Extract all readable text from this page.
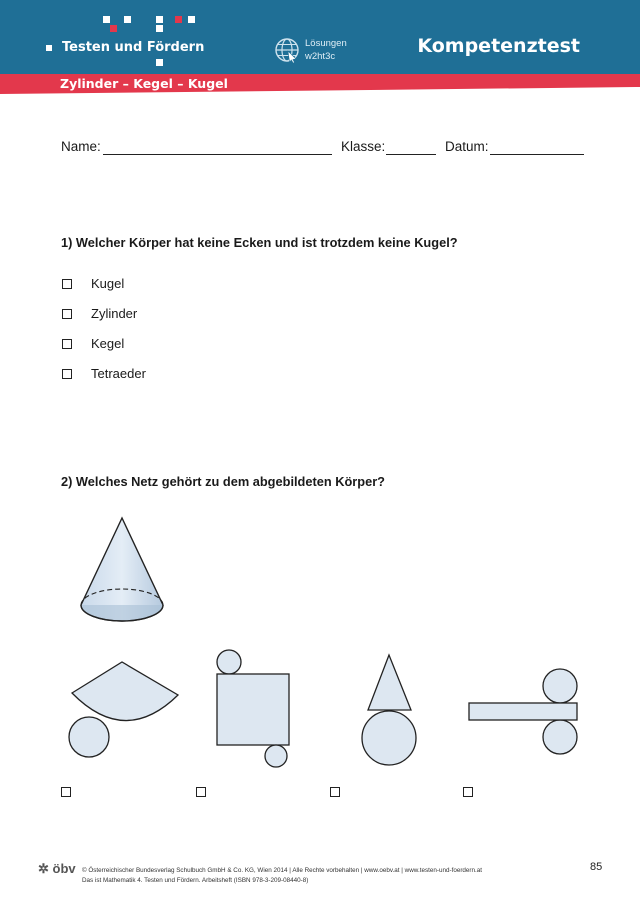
Testen und Fördern	Lösungen
w2ht3c	Kompetenztest
Zylinder – Kegel – Kugel
Name:	Klasse:	Datum:
1) Welcher Körper hat keine Ecken und ist trotzdem keine Kugel?
Kugel
Zylinder
Kegel
Tetraeder
2) Welches Netz gehört zu dem abgebildeten Körper?
✲ öbv © Österreichischer Bundesverlag Schulbuch GmbH & Co. KG, Wien 2014 | Alle Rechte vorbehalten | www.oebv.at | www.testen-und-foerdern.at
Das ist Mathematik 4. Testen und Fördern. Arbeitsheft (ISBN 978-3-209-08440-8)
85
